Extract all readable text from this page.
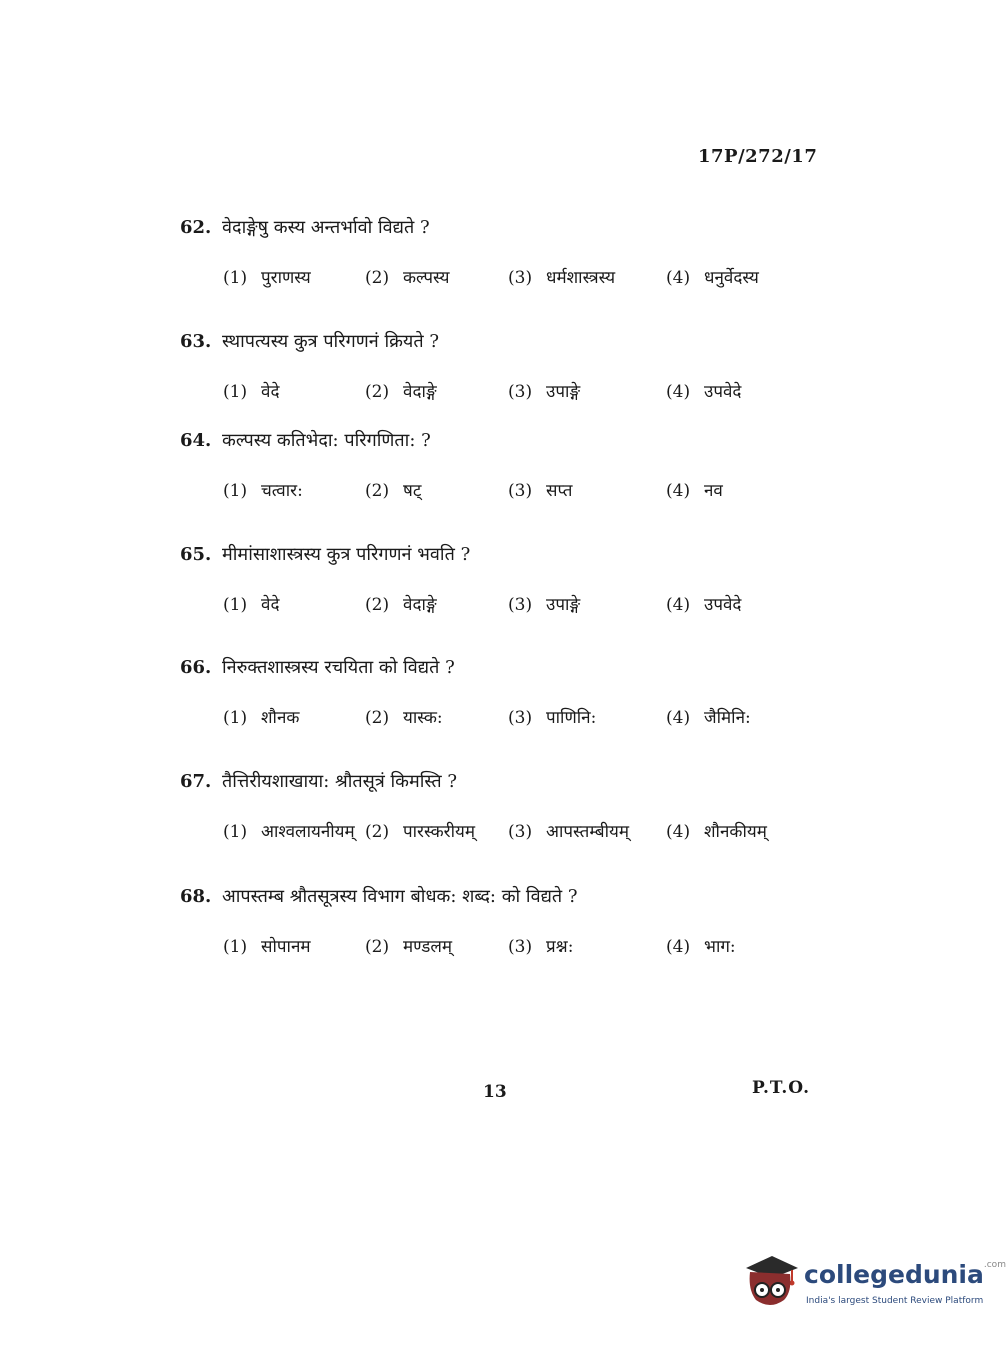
17P/272/17
62. वेदाङ्गेषु कस्य अन्तर्भावो विद्यते ?
(1) पुराणस्य	(2) कल्पस्य	(3) धर्मशास्त्रस्य	(4) धनुर्वेदस्य
63. स्थापत्यस्य कुत्र परिगणनं क्रियते ?
(1) वेदे	(2) वेदाङ्गे	(3) उपाङ्गे	(4) उपवेदे
64. कल्पस्य कतिभेदा: परिगणिता: ?
(1) चत्वार:	(2) षट्	(3) सप्त	(4) नव
65. मीमांसाशास्त्रस्य कुत्र परिगणनं भवति ?
(1) वेदे	(2) वेदाङ्गे	(3) उपाङ्गे	(4) उपवेदे
66. निरुक्तशास्त्रस्य रचयिता को विद्यते ?
(1) शौनक	(2) यास्क:	(3) पाणिनि:	(4) जैमिनि:
67. तैत्तिरीयशाखाया: श्रौतसूत्रं किमस्ति ?
(1) आश्वलायनीयम् (2) पारस्करीयम् (3) आपस्तम्बीयम् (4) शौनकीयम्
68. आपस्तम्ब श्रौतसूत्रस्य विभाग बोधक: शब्द: को विद्यते ?
(1) सोपानम	(2) मण्डलम्	(3) प्रश्न:	(4) भाग:
13	P.T.O.
collegedunia$^{.com}$
India's largest Student Review Platform
